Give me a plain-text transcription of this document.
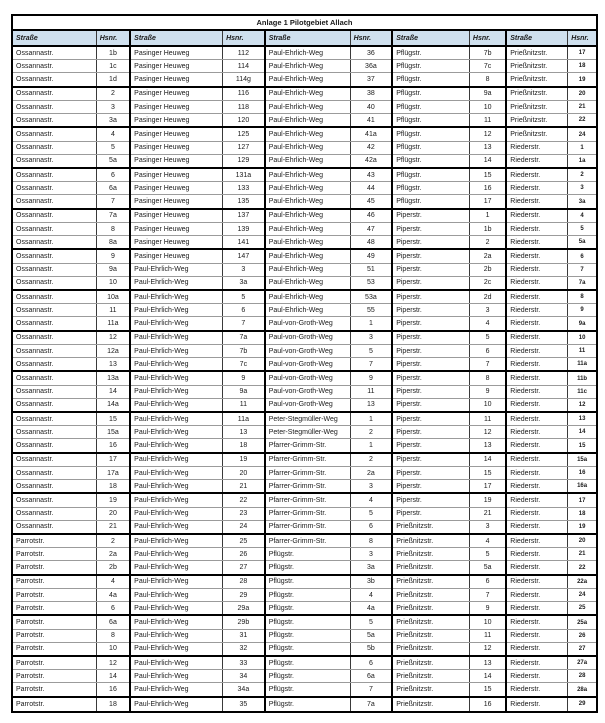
Anlage 1 Pilotgebiet Allach									
Straße	Hsnr.	Straße	Hsnr.	Straße	Hsnr.	Straße	Hsnr.	Straße	Hsnr.
Ossannastr.	1b	Pasinger Heuweg	112	Paul-Ehrlich-Weg	36	Pflügstr.	7b	Prießnitzstr.	17
Ossannastr.	1c	Pasinger Heuweg	114	Paul-Ehrlich-Weg	36a	Pflügstr.	7c	Prießnitzstr.	18
Ossannastr.	1d	Pasinger Heuweg	114g	Paul-Ehrlich-Weg	37	Pflügstr.	8	Prießnitzstr.	19
Ossannastr.	2	Pasinger Heuweg	116	Paul-Ehrlich-Weg	38	Pflügstr.	9a	Prießnitzstr.	20
Ossannastr.	3	Pasinger Heuweg	118	Paul-Ehrlich-Weg	40	Pflügstr.	10	Prießnitzstr.	21
Ossannastr.	3a	Pasinger Heuweg	120	Paul-Ehrlich-Weg	41	Pflügstr.	11	Prießnitzstr.	22
Ossannastr.	4	Pasinger Heuweg	125	Paul-Ehrlich-Weg	41a	Pflügstr.	12	Prießnitzstr.	24
Ossannastr.	5	Pasinger Heuweg	127	Paul-Ehrlich-Weg	42	Pflügstr.	13	Riederstr.	1
Ossannastr.	5a	Pasinger Heuweg	129	Paul-Ehrlich-Weg	42a	Pflügstr.	14	Riederstr.	1a
Ossannastr.	6	Pasinger Heuweg	131a	Paul-Ehrlich-Weg	43	Pflügstr.	15	Riederstr.	2
Ossannastr.	6a	Pasinger Heuweg	133	Paul-Ehrlich-Weg	44	Pflügstr.	16	Riederstr.	3
Ossannastr.	7	Pasinger Heuweg	135	Paul-Ehrlich-Weg	45	Pflügstr.	17	Riederstr.	3a
Ossannastr.	7a	Pasinger Heuweg	137	Paul-Ehrlich-Weg	46	Piperstr.	1	Riederstr.	4
Ossannastr.	8	Pasinger Heuweg	139	Paul-Ehrlich-Weg	47	Piperstr.	1b	Riederstr.	5
Ossannastr.	8a	Pasinger Heuweg	141	Paul-Ehrlich-Weg	48	Piperstr.	2	Riederstr.	5a
Ossannastr.	9	Pasinger Heuweg	147	Paul-Ehrlich-Weg	49	Piperstr.	2a	Riederstr.	6
Ossannastr.	9a	Paul-Ehrlich-Weg	3	Paul-Ehrlich-Weg	51	Piperstr.	2b	Riederstr.	7
Ossannastr.	10	Paul-Ehrlich-Weg	3a	Paul-Ehrlich-Weg	53	Piperstr.	2c	Riederstr.	7a
Ossannastr.	10a	Paul-Ehrlich-Weg	5	Paul-Ehrlich-Weg	53a	Piperstr.	2d	Riederstr.	8
Ossannastr.	11	Paul-Ehrlich-Weg	6	Paul-Ehrlich-Weg	55	Piperstr.	3	Riederstr.	9
Ossannastr.	11a	Paul-Ehrlich-Weg	7	Paul-von-Groth-Weg	1	Piperstr.	4	Riederstr.	9a
Ossannastr.	12	Paul-Ehrlich-Weg	7a	Paul-von-Groth-Weg	3	Piperstr.	5	Riederstr.	10
Ossannastr.	12a	Paul-Ehrlich-Weg	7b	Paul-von-Groth-Weg	5	Piperstr.	6	Riederstr.	11
Ossannastr.	13	Paul-Ehrlich-Weg	7c	Paul-von-Groth-Weg	7	Piperstr.	7	Riederstr.	11a
Ossannastr.	13a	Paul-Ehrlich-Weg	9	Paul-von-Groth-Weg	9	Piperstr.	8	Riederstr.	11b
Ossannastr.	14	Paul-Ehrlich-Weg	9a	Paul-von-Groth-Weg	11	Piperstr.	9	Riederstr.	11c
Ossannastr.	14a	Paul-Ehrlich-Weg	11	Paul-von-Groth-Weg	13	Piperstr.	10	Riederstr.	12
Ossannastr.	15	Paul-Ehrlich-Weg	11a	Peter-Stegmüller-Weg	1	Piperstr.	11	Riederstr.	13
Ossannastr.	15a	Paul-Ehrlich-Weg	13	Peter-Stegmüller-Weg	2	Piperstr.	12	Riederstr.	14
Ossannastr.	16	Paul-Ehrlich-Weg	18	Pfarrer-Grimm-Str.	1	Piperstr.	13	Riederstr.	15
Ossannastr.	17	Paul-Ehrlich-Weg	19	Pfarrer-Grimm-Str.	2	Piperstr.	14	Riederstr.	15a
Ossannastr.	17a	Paul-Ehrlich-Weg	20	Pfarrer-Grimm-Str.	2a	Piperstr.	15	Riederstr.	16
Ossannastr.	18	Paul-Ehrlich-Weg	21	Pfarrer-Grimm-Str.	3	Piperstr.	17	Riederstr.	16a
Ossannastr.	19	Paul-Ehrlich-Weg	22	Pfarrer-Grimm-Str.	4	Piperstr.	19	Riederstr.	17
Ossannastr.	20	Paul-Ehrlich-Weg	23	Pfarrer-Grimm-Str.	5	Piperstr.	21	Riederstr.	18
Ossannastr.	21	Paul-Ehrlich-Weg	24	Pfarrer-Grimm-Str.	6	Prießnitzstr.	3	Riederstr.	19
Parrotstr.	2	Paul-Ehrlich-Weg	25	Pfarrer-Grimm-Str.	8	Prießnitzstr.	4	Riederstr.	20
Parrotstr.	2a	Paul-Ehrlich-Weg	26	Pflügstr.	3	Prießnitzstr.	5	Riederstr.	21
Parrotstr.	2b	Paul-Ehrlich-Weg	27	Pflügstr.	3a	Prießnitzstr.	5a	Riederstr.	22
Parrotstr.	4	Paul-Ehrlich-Weg	28	Pflügstr.	3b	Prießnitzstr.	6	Riederstr.	22a
Parrotstr.	4a	Paul-Ehrlich-Weg	29	Pflügstr.	4	Prießnitzstr.	7	Riederstr.	24
Parrotstr.	6	Paul-Ehrlich-Weg	29a	Pflügstr.	4a	Prießnitzstr.	9	Riederstr.	25
Parrotstr.	6a	Paul-Ehrlich-Weg	29b	Pflügstr.	5	Prießnitzstr.	10	Riederstr.	25a
Parrotstr.	8	Paul-Ehrlich-Weg	31	Pflügstr.	5a	Prießnitzstr.	11	Riederstr.	26
Parrotstr.	10	Paul-Ehrlich-Weg	32	Pflügstr.	5b	Prießnitzstr.	12	Riederstr.	27
Parrotstr.	12	Paul-Ehrlich-Weg	33	Pflügstr.	6	Prießnitzstr.	13	Riederstr.	27a
Parrotstr.	14	Paul-Ehrlich-Weg	34	Pflügstr.	6a	Prießnitzstr.	14	Riederstr.	28
Parrotstr.	16	Paul-Ehrlich-Weg	34a	Pflügstr.	7	Prießnitzstr.	15	Riederstr.	28a
Parrotstr.	18	Paul-Ehrlich-Weg	35	Pflügstr.	7a	Prießnitzstr.	16	Riederstr.	29
